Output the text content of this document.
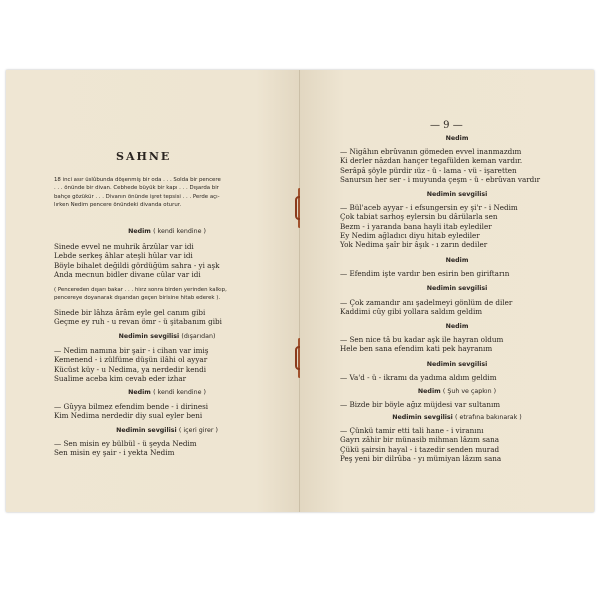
SAHNE
18 inci asır üslûbunda döşenmiş bir oda . . . Solda bir pencere
. . . önünde bir divan. Cebhede büyük bir kapı . . . Dışarda bir
bahçe gözükür . . . Divanın önünde işret tepsisi . . . Perde açı-
lırken Nedim pencere önündeki divanda oturur.
Nedim ( kendi kendine )
Sinede evvel ne muhrik ârzûlar var idi
Lebde serkeş âhlar ateşli hûlar var idi
Böyle bihalet değildi gördüğüm sahra - yi aşk
Anda mecnun bidler divane cûlar var idi
( Pencereden dışarı bakar . . . hiırz sonra birden yerinden kalkıp,
pencereye doyanarak dışarıdan geçen birisine hitab ederek ).
Sinede bir lâhza ârâm eyle gel canım gibi
Geçme ey ruh - u revan ömr - ü şitabanım gibi
Nedimin sevgilisi (dışarıdan)
— Nedim namına bir şair - i cihan var imiş
Kemenend - i zülfüme düşün ilâhi ol ayyar
Kücüst küy - u Nedima, ya nerdedir kendi
Sualime aceba kim cevab eder izhar
Nedim ( kendi kendine )
— Gûyya bilmez efendim bende - i dirinesi
Kim Nedima nerdedir diy sual eyler beni
Nedimin sevgilisi ( içeri girer )
— Sen misin ey bülbül - ü şeyda Nedim
Sen misin ey şair - i yekta Nedim
— 9 —
Nedim
— Nigâhın ebrûvanın gömeden evvel inanmazdım
Ki derler nâzdan hançer tegafülden keman vardır.
Serâpâ şöyle pürdir ıüz - ü - lama - vü - işaretten
Sanursın her ser - i muyunda çeşm - ü - ebrûvan vardır
Nedimin sevgilisi
— Bül'aceb ayyar - i efsungersin ey şi'r - i Nedim
Çok tabiat sarhoş eylersin bu dârülarla sen
Bezm - i yaranda bana hayli itab eylediler
Ey Nedim ağladıcı diyu hitab eylediler
Yok Nedima şaîr bir âşık - ı zarın dediler
Nedim
— Efendim işte vardır ben esirin ben giriftarın
Nedimin sevgilisi
— Çok zamandır anı şadelmeyi gönlüm de diler
Kaddimi cûy gibi yollara saldım geldim
Nedim
— Sen nice tâ bu kadar aşk ile hayran oldum
Hele ben sana efendim kati pek hayranım
Nedimin sevgilisi
— Va'd - ü - ikramı da yadıma aldım geldim
Nedim ( Şuh ve çapkın )
— Bizde bir böyle ağız müjdesi var sultanım
Nedimin sevgilisi ( etrafına bakınarak )
— Çünkü tamir etti tali hane - i viranını
Gayrı zâhir bir münasib mihman lâzım sana
Çükü şairsin hayal - i tazedir senden murad
Peş yeni bir dilrûba - yı mümiyan lâzım sana
